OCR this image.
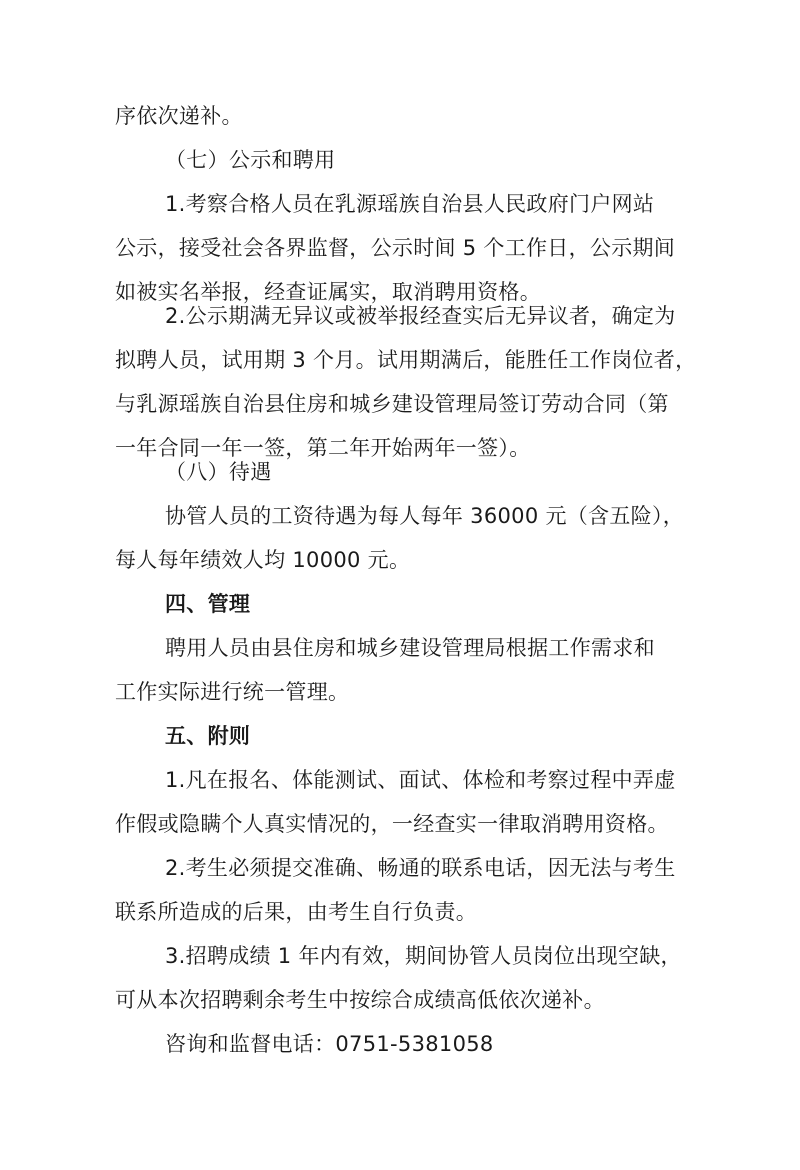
序依次递补。
（七）公示和聘用
1.考察合格人员在乳源瑶族自治县人民政府门户网站
公示，接受社会各界监督，公示时间 5 个工作日，公示期间
如被实名举报，经查证属实，取消聘用资格。
2.公示期满无异议或被举报经查实后无异议者，确定为
拟聘人员，试用期 3 个月。试用期满后，能胜任工作岗位者，
与乳源瑶族自治县住房和城乡建设管理局签订劳动合同（第
一年合同一年一签，第二年开始两年一签）。
（八）待遇
协管人员的工资待遇为每人每年 36000 元（含五险），
每人每年绩效人均 10000 元。
四、管理
聘用人员由县住房和城乡建设管理局根据工作需求和
工作实际进行统一管理。
五、附则
1.凡在报名、体能测试、面试、体检和考察过程中弄虚
作假或隐瞒个人真实情况的，一经查实一律取消聘用资格。
2.考生必须提交准确、畅通的联系电话，因无法与考生
联系所造成的后果，由考生自行负责。
3.招聘成绩 1 年内有效，期间协管人员岗位出现空缺，
可从本次招聘剩余考生中按综合成绩高低依次递补。
咨询和监督电话：0751-5381058
